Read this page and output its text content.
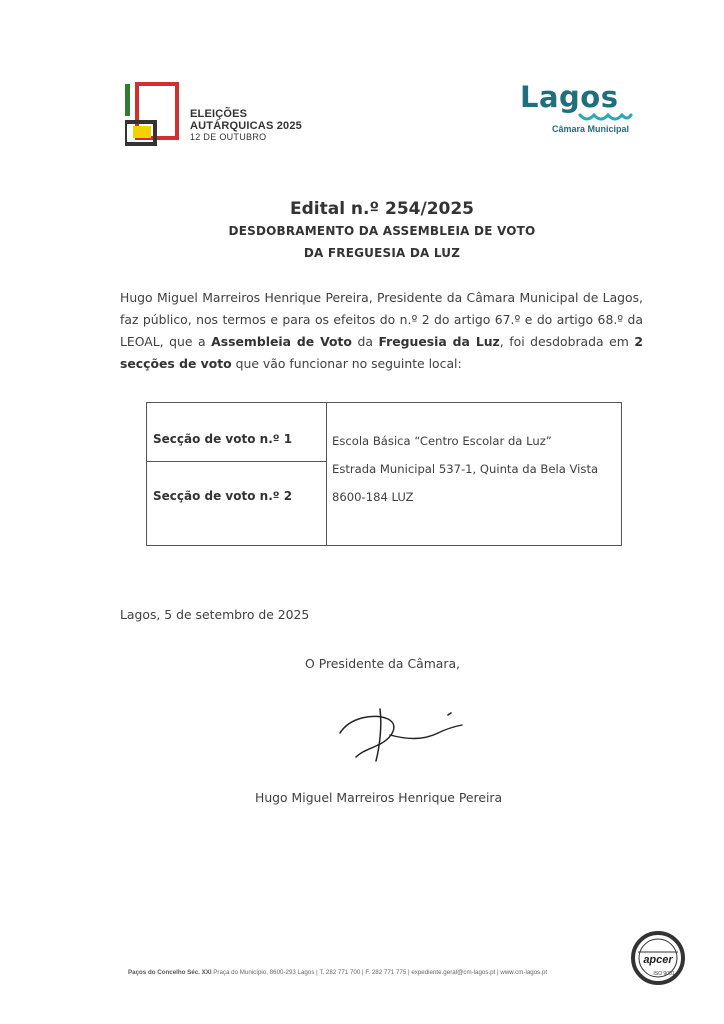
ELEIÇÕES
AUTÁRQUICAS 2025
12 DE OUTUBRO
Lagos
Câmara Municipal
Edital n.º 254/2025
DESDOBRAMENTO DA ASSEMBLEIA DE VOTO
DA FREGUESIA DA LUZ
Hugo Miguel Marreiros Henrique Pereira, Presidente da Câmara Municipal de Lagos, faz público, nos termos e para os efeitos do n.º 2 do artigo 67.º e do artigo 68.º da LEOAL, que a Assembleia de Voto da Freguesia da Luz, foi desdobrada em 2 secções de voto que vão funcionar no seguinte local:
Secção de voto n.º 1
Secção de voto n.º 2
Escola Básica “Centro Escolar da Luz”
Estrada Municipal 537-1, Quinta da Bela Vista
8600-184 LUZ
Lagos, 5 de setembro de 2025
O Presidente da Câmara,
Hugo Miguel Marreiros Henrique Pereira
Paços do Concelho Séc. XXI Praça do Município, 8600-293 Lagos | T. 282 771 700 | F. 282 771 775 | expediente.geral@cm-lagos.pt | www.cm-lagos.pt
apcer
ISO 9001
